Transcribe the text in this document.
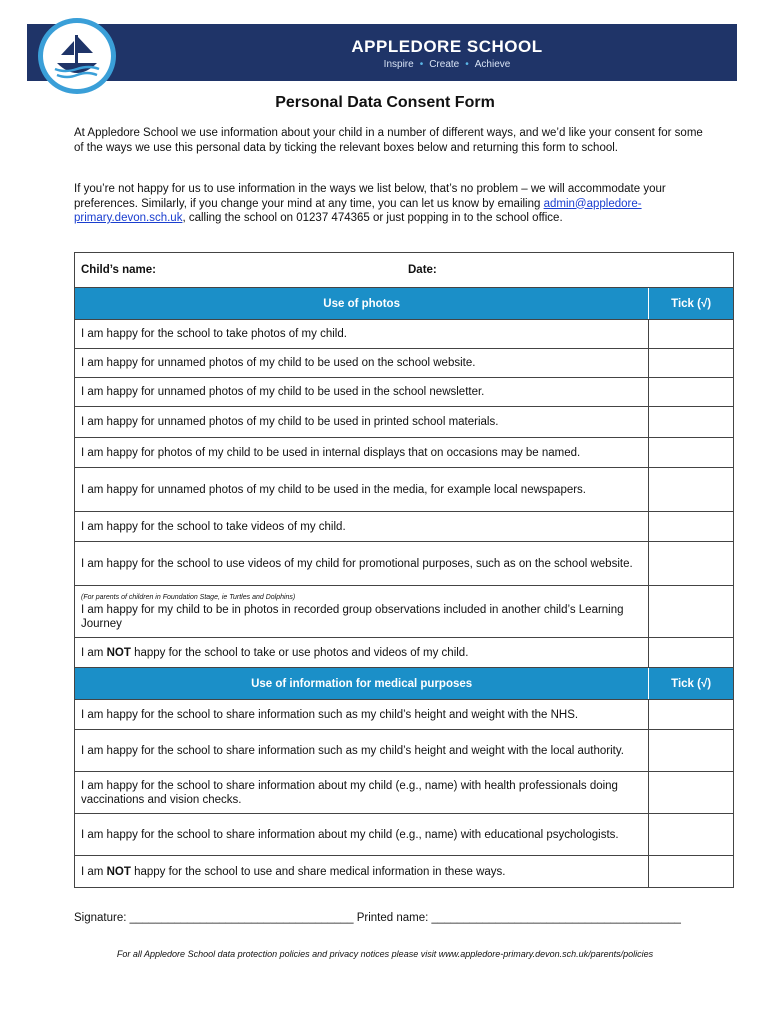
APPLEDORE SCHOOL
Inspire • Create • Achieve
Personal Data Consent Form

At Appledore School we use information about your child in a number of different ways, and we’d like your consent for some of the ways we use this personal data by ticking the relevant boxes below and returning this form to school.

If you’re not happy for us to use information in the ways we list below, that’s no problem – we will accommodate your preferences. Similarly, if you change your mind at any time, you can let us know by emailing admin@appledore-primary.devon.sch.uk, calling the school on 01237 474365 or just popping in to the school office.

Child’s name:	Date:
Use of photos	Tick (√)
I am happy for the school to take photos of my child.
I am happy for unnamed photos of my child to be used on the school website.
I am happy for unnamed photos of my child to be used in the school newsletter.
I am happy for unnamed photos of my child to be used in printed school materials.
I am happy for photos of my child to be used in internal displays that on occasions may be named.
I am happy for unnamed photos of my child to be used in the media, for example local newspapers.
I am happy for the school to take videos of my child.
I am happy for the school to use videos of my child for promotional purposes, such as on the school website.
(For parents of children in Foundation Stage, ie Turtles and Dolphins)
I am happy for my child to be in photos in recorded group observations included in another child’s Learning Journey
I am NOT happy for the school to take or use photos and videos of my child.
Use of information for medical purposes	Tick (√)
I am happy for the school to share information such as my child’s height and weight with the NHS.
I am happy for the school to share information such as my child’s height and weight with the local authority.
I am happy for the school to share information about my child (e.g., name) with health professionals doing vaccinations and vision checks.
I am happy for the school to share information about my child (e.g., name) with educational psychologists.
I am NOT happy for the school to use and share medical information in these ways.
Signature: ___________________________________ Printed name: _______________________________________
For all Appledore School data protection policies and privacy notices please visit www.appledore-primary.devon.sch.uk/parents/policies
